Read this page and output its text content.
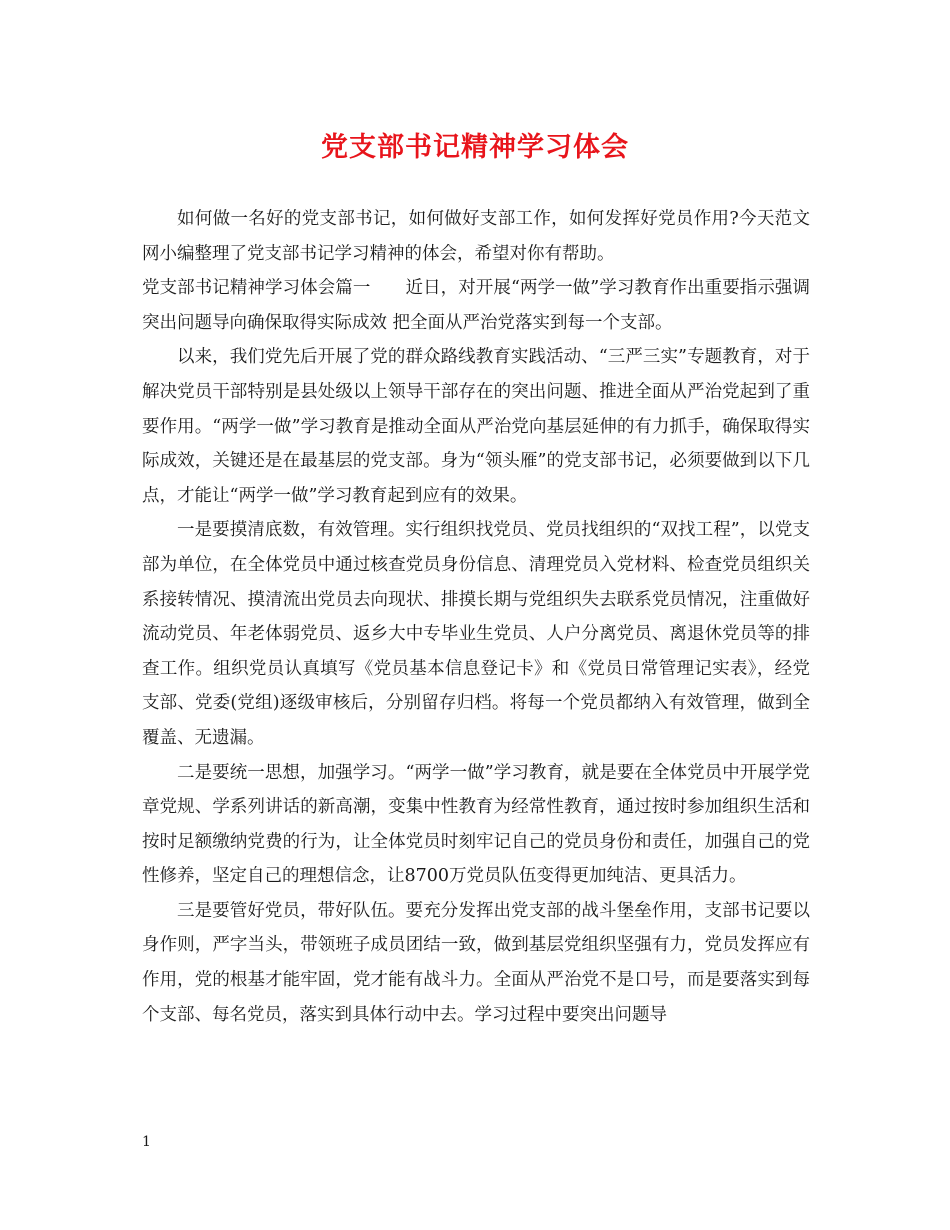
党支部书记精神学习体会

如何做一名好的党支部书记，如何做好支部工作，如何发挥好党员作用?今天范文网小编整理了党支部书记学习精神的体会，希望对你有帮助。

党支部书记精神学习体会篇一　　近日，对开展“两学一做”学习教育作出重要指示强调 突出问题导向确保取得实际成效 把全面从严治党落实到每一个支部。

以来，我们党先后开展了党的群众路线教育实践活动、“三严三实”专题教育，对于解决党员干部特别是县处级以上领导干部存在的突出问题、推进全面从严治党起到了重要作用。“两学一做”学习教育是推动全面从严治党向基层延伸的有力抓手，确保取得实际成效，关键还是在最基层的党支部。身为“领头雁”的党支部书记，必须要做到以下几点，才能让“两学一做”学习教育起到应有的效果。

一是要摸清底数，有效管理。实行组织找党员、党员找组织的“双找工程”，以党支部为单位，在全体党员中通过核查党员身份信息、清理党员入党材料、检查党员组织关系接转情况、摸清流出党员去向现状、排摸长期与党组织失去联系党员情况，注重做好流动党员、年老体弱党员、返乡大中专毕业生党员、人户分离党员、离退休党员等的排查工作。组织党员认真填写《党员基本信息登记卡》和《党员日常管理记实表》，经党支部、党委(党组)逐级审核后，分别留存归档。将每一个党员都纳入有效管理，做到全覆盖、无遗漏。

二是要统一思想，加强学习。“两学一做”学习教育，就是要在全体党员中开展学党章党规、学系列讲话的新高潮，变集中性教育为经常性教育，通过按时参加组织生活和按时足额缴纳党费的行为，让全体党员时刻牢记自己的党员身份和责任，加强自己的党性修养，坚定自己的理想信念，让8700万党员队伍变得更加纯洁、更具活力。

三是要管好党员，带好队伍。要充分发挥出党支部的战斗堡垒作用，支部书记要以身作则，严字当头，带领班子成员团结一致，做到基层党组织坚强有力，党员发挥应有作用，党的根基才能牢固，党才能有战斗力。全面从严治党不是口号，而是要落实到每个支部、每名党员，落实到具体行动中去。学习过程中要突出问题导

1
